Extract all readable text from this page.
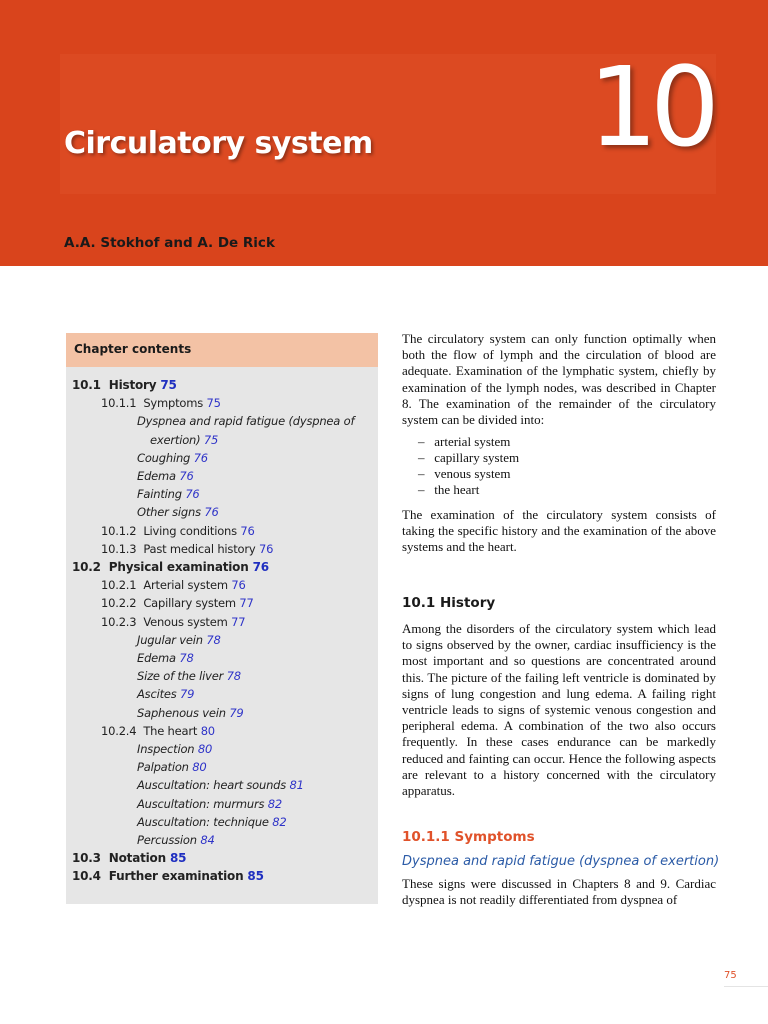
Circulatory system 10
A.A. Stokhof and A. De Rick
Chapter contents
10.1 History 75
10.1.1 Symptoms 75
Dyspnea and rapid fatigue (dyspnea of
exertion) 75
Coughing 76
Edema 76
Fainting 76
Other signs 76
10.1.2 Living conditions 76
10.1.3 Past medical history 76
10.2 Physical examination 76
10.2.1 Arterial system 76
10.2.2 Capillary system 77
10.2.3 Venous system 77
Jugular vein 78
Edema 78
Size of the liver 78
Ascites 79
Saphenous vein 79
10.2.4 The heart 80
Inspection 80
Palpation 80
Auscultation: heart sounds 81
Auscultation: murmurs 82
Auscultation: technique 82
Percussion 84
10.3 Notation 85
10.4 Further examination 85
The circulatory system can only function optimally when both the flow of lymph and the circulation of blood are adequate. Examination of the lymphatic system, chiefly by examination of the lymph nodes, was described in Chapter 8. The examination of the remainder of the circulatory system can be divided into:
– arterial system
– capillary system
– venous system
– the heart
The examination of the circulatory system consists of taking the specific history and the examination of the above systems and the heart.
10.1 History
Among the disorders of the circulatory system which lead to signs observed by the owner, cardiac insufficiency is the most important and so questions are concentrated around this. The picture of the failing left ventricle is dominated by signs of lung congestion and lung edema. A failing right ventricle leads to signs of systemic venous congestion and peripheral edema. A combination of the two also occurs frequently. In these cases endurance can be markedly reduced and fainting can occur. Hence the following aspects are relevant to a history concerned with the circulatory apparatus.
10.1.1 Symptoms
Dyspnea and rapid fatigue (dyspnea of exertion)
These signs were discussed in Chapters 8 and 9. Cardiac dyspnea is not readily differentiated from dyspnea of
75
